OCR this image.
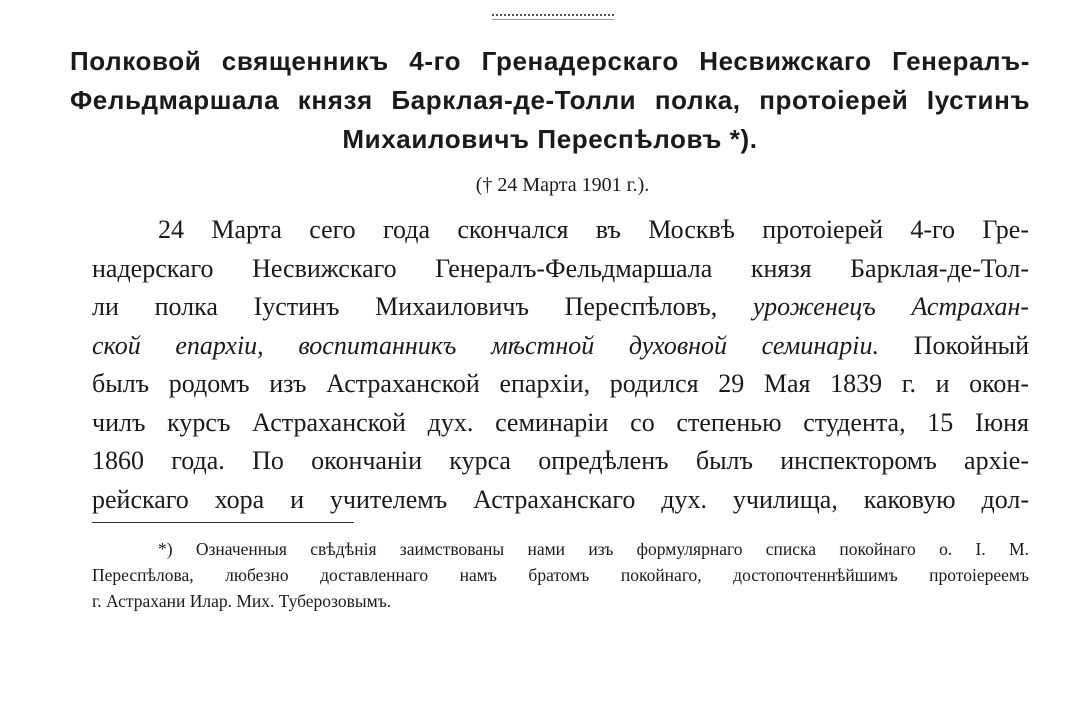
Полковой священникъ 4-го Гренадерскаго Несвижскаго Генералъ-
Фельдмаршала князя Барклая-де-Толли полка, протоіерей Іустинъ
Михаиловичъ Переспѣловъ *).
(† 24 Марта 1901 г.).
24 Марта сего года скончался въ Москвѣ протоіерей 4-го Гре-
надерскаго Несвижскаго Генералъ-Фельдмаршала князя Барклая-де-Тол-
ли полка Іустинъ Михаиловичъ Переспѣловъ, уроженецъ Астрахан-
ской епархіи, воспитанникъ мѣстной духовной семинаріи. Покойный
былъ родомъ изъ Астраханской епархіи, родился 29 Мая 1839 г. и окон-
чилъ курсъ Астраханской дух. семинаріи со степенью студента, 15 Іюня
1860 года. По окончаніи курса опредѣленъ былъ инспекторомъ архіе-
рейскаго хора и учителемъ Астраханскаго дух. училища, каковую дол-
*) Означенныя свѣдѣнія заимствованы нами изъ формулярнаго списка покойнаго о. І. М.
Переспѣлова, любезно доставленнаго намъ братомъ покойнаго, достопочтеннѣйшимъ протоіереемъ
г. Астрахани Илар. Мих. Туберозовымъ.
